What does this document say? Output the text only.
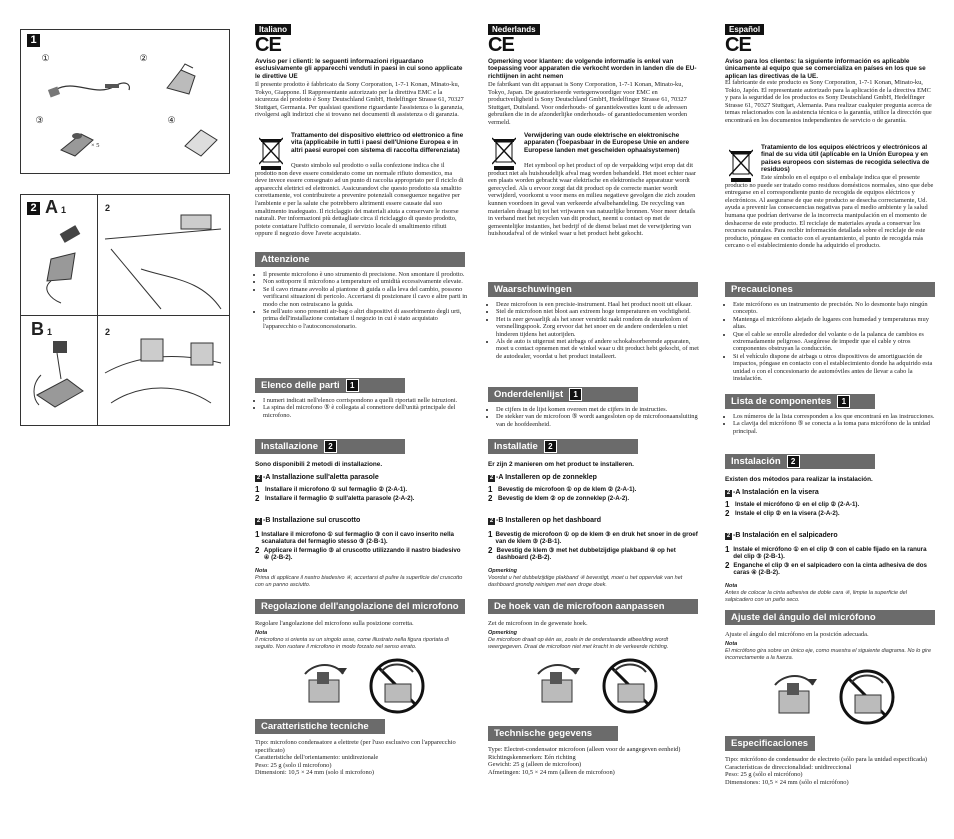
1
①	②
③	④
× 5
2 A 1	2
B 1	2
Italiano
CE
Avviso per i clienti: le seguenti informazioni riguardano esclusivamente gli apparecchi venduti in paesi in cui sono applicate le direttive UE
Il presente prodotto è fabbricato da Sony Corporation, 1-7-1 Konan, Minato-ku, Tokyo, Giappone. Il Rappresentante autorizzato per la direttiva EMC e la sicurezza del prodotto è Sony Deutschland GmbH, Hedelfinger Strasse 61, 70327 Stuttgart, Germania. Per qualsiasi questione riguardante l'assistenza o la garanzia, rivolgersi agli indirizzi che si trovano nei documenti di assistenza o di garanzia.
Trattamento del dispositivo elettrico od elettronico a fine vita (applicabile in tutti i paesi dell'Unione Europea e in altri paesi europei con sistema di raccolta differenziata)
Questo simbolo sul prodotto o sulla confezione indica che il prodotto non deve essere considerato come un normale rifiuto domestico, ma deve invece essere consegnato ad un punto di raccolta appropriato per il riciclo di apparecchi elettrici ed elettronici. Assicurandovi che questo prodotto sia smaltito correttamente, voi contribuirete a prevenire potenziali conseguenze negative per l'ambiente e per la salute che potrebbero altrimenti essere causate dal suo smaltimento inadeguato. Il riciclaggio dei materiali aiuta a conservare le risorse naturali. Per informazioni più dettagliate circa il riciclaggio di questo prodotto, potete contattare l'ufficio comunale, il servizio locale di smaltimento rifiuti oppure il negozio dove l'avete acquistato.
Attenzione
• Il presente microfono è uno strumento di precisione. Non smontare il prodotto.
• Non sottoporre il microfono a temperature ed umidità eccessivamente elevate.
• Se il cavo rimane avvolto al piantone di guida o alla leva del cambio, possono verificarsi situazioni di pericolo. Accertarsi di posizionare il cavo e altre parti in modo che non ostruiscano la guida.
• Se nell'auto sono presenti air-bag o altri dispositivi di assorbimento degli urti, prima dell'installazione contattare il negozio in cui è stato acquistato l'apparecchio o l'autoconcessionario.
Elenco delle parti 1
• I numeri indicati nell'elenco corrispondono a quelli riportati nelle istruzioni.
• La spina del microfono ⑤ è collegata al connettore dell'unità principale del microfono.
Installazione 2
Sono disponibili 2 metodi di installazione.
2 -A Installazione sull'aletta parasole
1 Installare il microfono ① sul fermaglio ② (2-A-1).
2 Installare il fermaglio ② sull'aletta parasole (2-A-2).
2 -B Installazione sul cruscotto
1 Installare il microfono ① sul fermaglio ③ con il cavo inserito nella scanalatura del fermaglio stesso ③ (2-B-1).
2 Applicare il fermaglio ③ al cruscotto utilizzando il nastro biadesivo ④ (2-B-2).
Nota
Prima di applicare il nastro biadesivo ④, accertarsi di pulire la superficie del cruscotto con un panno asciutto.
Regolazione dell'angolazione del microfono
Regolare l'angolazione del microfono sulla posizione corretta.
Nota
Il microfono si orienta su un singolo asse, come illustrato nella figura riportata di seguito. Non ruotare il microfono in modo forzato nel senso errato.
Caratteristiche tecniche
Tipo: microfono condensatore a elettrete (per l'uso esclusivo con l'apparecchio specificato)
Caratteristiche dell'orientamento: unidirezionale
Peso: 25 g (solo il microfono)
Dimensioni: 10,5 × 24 mm (solo il microfono)
Nederlands
CE
Opmerking voor klanten: de volgende informatie is enkel van toepassing voor apparaten die verkocht worden in landen die de EU-richtlijnen in acht nemen
De fabrikant van dit apparaat is Sony Corporation, 1-7-1 Konan, Minato-ku, Tokyo, Japan. De geautoriseerde vertegenwoordiger voor EMC en productveiligheid is Sony Deutschland GmbH, Hedelfinger Strasse 61, 70327 Stuttgart, Duitsland. Voor onderhouds- of garantiekwesties kunt u de adressen gebruiken die in de afzonderlijke onderhouds- of garantiedocumenten worden vermeld.
Verwijdering van oude elektrische en elektronische apparaten (Toepasbaar in de Europese Unie en andere Europese landen met gescheiden ophaalsystemen)
Het symbool op het product of op de verpakking wijst erop dat dit product niet als huishoudelijk afval mag worden behandeld. Het moet echter naar een plaats worden gebracht waar elektrische en elektronische apparatuur wordt gerecycled. Als u ervoor zorgt dat dit product op de correcte manier wordt verwijderd, voorkomt u voor mens en milieu negatieve gevolgen die zich zouden kunnen voordoen in geval van verkeerde afvalbehandeling. De recycling van materialen draagt bij tot het vrijwaren van natuurlijke bronnen. Voor meer details in verband met het recyclen van dit product, neemt u contact op met de gemeentelijke instanties, het bedrijf of de dienst belast met de verwijdering van huishoudafval of de winkel waar u het product hebt gekocht.
Waarschuwingen
• Deze microfoon is een precisie-instrument. Haal het product nooit uit elkaar.
• Stel de microfoon niet bloot aan extreem hoge temperaturen en vochtigheid.
• Het is zeer gevaarlijk als het snoer verstrikt raakt rondom de stuurkolom of versnellingspook. Zorg ervoor dat het snoer en de andere onderdelen u niet hinderen tijdens het autorijden.
• Als de auto is uitgerust met airbags of andere schokabsorberende apparaten, moet u contact opnemen met de winkel waar u dit product hebt gekocht, of met de autodealer, voordat u het product installeert.
Onderdelenlijst 1
• De cijfers in de lijst komen overeen met de cijfers in de instructies.
• De stekker van de microfoon ⑤ wordt aangesloten op de microfoonaansluiting van de hoofdeenheid.
Installatie 2
Er zijn 2 manieren om het product te installeren.
2 -A Installeren op de zonneklep
1 Bevestig de microfoon ① op de klem ② (2-A-1).
2 Bevestig de klem ② op de zonneklep (2-A-2).
2 -B Installeren op het dashboard
1 Bevestig de microfoon ① op de klem ③ en druk het snoer in de groef van de klem ③ (2-B-1).
2 Bevestig de klem ③ met het dubbelzijdige plakband ④ op het dashboard (2-B-2).
Opmerking
Voordat u het dubbelzijdige plakband ④ bevestigt, moet u het oppervlak van het dashboard grondig reinigen met een droge doek.
De hoek van de microfoon aanpassen
Zet de microfoon in de gewenste hoek.
Opmerking
De microfoon draait op één as, zoals in de onderstaande afbeelding wordt weergegeven. Draai de microfoon niet met kracht in de verkeerde richting.
Technische gegevens
Type: Electret-condensator microfoon (alleen voor de aangegeven eenheid)
Richtingskenmerken: Eén richting
Gewicht: 25 g (alleen de microfoon)
Afmetingen: 10,5 × 24 mm (alleen de microfoon)
Español
CE
Aviso para los clientes: la siguiente información es aplicable únicamente al equipo que se comercializa en países en los que se aplican las directivas de la UE.
El fabricante de este producto es Sony Corporation, 1-7-1 Konan, Minato-ku, Tokio, Japón. El representante autorizado para la aplicación de la directiva EMC y para la seguridad de los productos es Sony Deutschland GmbH, Hedelfinger Strasse 61, 70327 Stuttgart, Alemania. Para realizar cualquier pregunta acerca de temas relacionados con la asistencia técnica o la garantía, utilice la dirección que encontrará en los documentos independientes de servicio o de garantía.
Tratamiento de los equipos eléctricos y electrónicos al final de su vida útil (aplicable en la Unión Europea y en países europeos con sistemas de recogida selectiva de residuos)
Este símbolo en el equipo o el embalaje indica que el presente producto no puede ser tratado como residuos domésticos normales, sino que debe entregarse en el correspondiente punto de recogida de equipos eléctricos y electrónicos. Al asegurarse de que este producto se desecha correctamente, Ud. ayuda a prevenir las consecuencias negativas para el medio ambiente y la salud humana que podrían derivarse de la incorrecta manipulación en el momento de deshacerse de este producto. El reciclaje de materiales ayuda a conservar los recursos naturales. Para recibir información detallada sobre el reciclaje de este producto, póngase en contacto con el ayuntamiento, el punto de recogida más cercano o el establecimiento donde ha adquirido el producto.
Precauciones
• Este micrófono es un instrumento de precisión. No lo desmonte bajo ningún concepto.
• Mantenga el micrófono alejado de lugares con humedad y temperaturas muy altas.
• Que el cable se enrolle alrededor del volante o de la palanca de cambios es extremadamente peligroso. Asegúrese de impedir que el cable y otros componentes obstruyan la conducción.
• Si el vehículo dispone de airbags u otros dispositivos de amortiguación de impactos, póngase en contacto con el establecimiento donde ha adquirido esta unidad o con el concesionario de automóviles antes de llevar a cabo la instalación.
Lista de componentes 1
• Los números de la lista corresponden a los que encontrará en las instrucciones.
• La clavija del micrófono ⑤ se conecta a la toma para micrófono de la unidad principal.
Instalación 2
Existen dos métodos para realizar la instalación.
2 -A Instalación en la visera
1 Instale el micrófono ① en el clip ② (2-A-1).
2 Instale el clip ② en la visera (2-A-2).
2 -B Instalación en el salpicadero
1 Instale el micrófono ① en el clip ③ con el cable fijado en la ranura del clip ③ (2-B-1).
2 Enganche el clip ③ en el salpicadero con la cinta adhesiva de dos caras ④ (2-B-2).
Nota
Antes de colocar la cinta adhesiva de doble cara ④, limpie la superficie del salpicadero con un paño seco.
Ajuste del ángulo del micrófono
Ajuste el ángulo del micrófono en la posición adecuada.
Nota
El micrófono gira sobre un único eje, como muestra el siguiente diagrama. No lo gire incorrectamente a la fuerza.
Especificaciones
Tipo: micrófono de condensador de electreto (sólo para la unidad especificada)
Características de direccionalidad: unidireccional
Peso: 25 g (sólo el micrófono)
Dimensiones: 10,5 × 24 mm (sólo el micrófono)
